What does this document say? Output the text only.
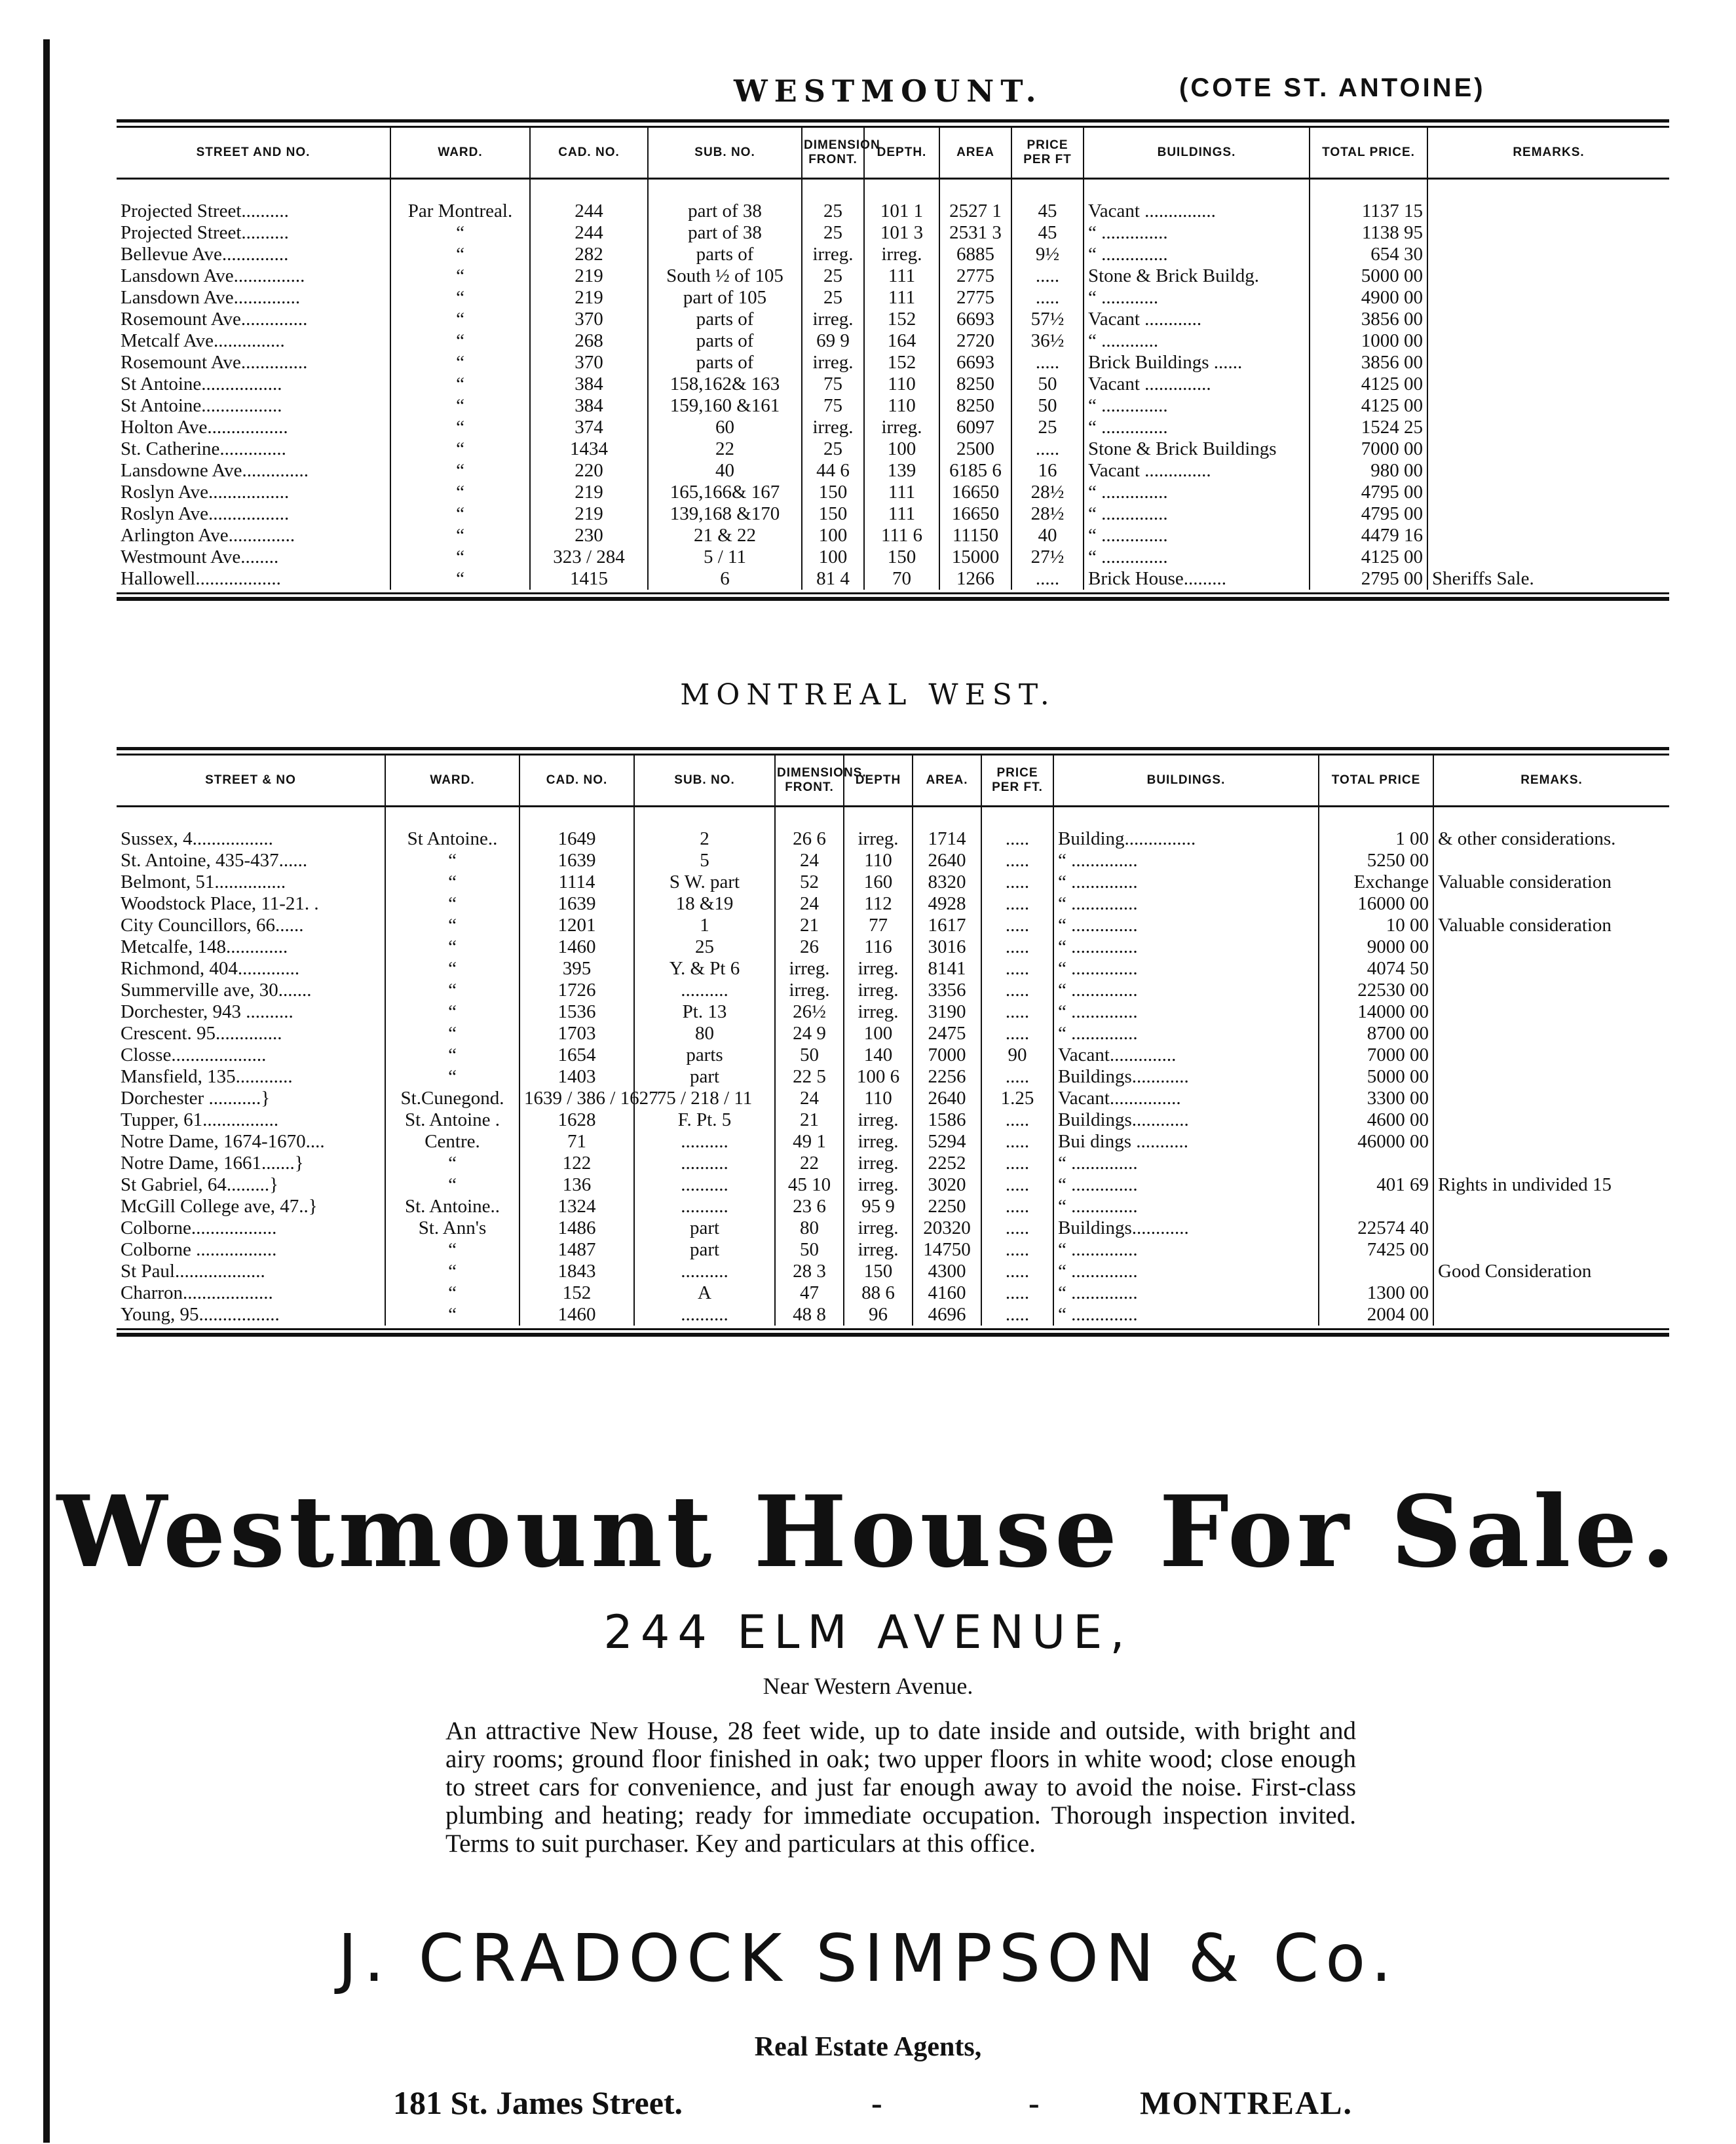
WESTMOUNT.	(COTE ST. ANTOINE)
STREET AND NO.	WARD.	CAD. NO.	SUB. NO.	DIMENSION FRONT.	DEPTH.	AREA	PRICE PER FT	BUILDINGS.	TOTAL PRICE.	REMARKS.

Projected Street..........	Par Montreal.	244	part of 38	25	101 1	2527 1	45	Vacant ...............	1137 15	
Projected Street..........	“	244	part of 38	25	101 3	2531 3	45	“ ..............	1138 95	
Bellevue Ave..............	“	282	parts of	irreg.	irreg.	6885	9½	“ ..............	654 30	
Lansdown Ave...............	“	219	South ½ of 105	25	111	2775	.....	Stone & Brick Buildg.	5000 00	
Lansdown Ave..............	“	219	part of 105	25	111	2775	.....	“ ............	4900 00	
Rosemount Ave..............	“	370	parts of	irreg.	152	6693	57½	Vacant ............	3856 00	
Metcalf Ave...............	“	268	parts of	69 9	164	2720	36½	“ ............	1000 00	
Rosemount Ave..............	“	370	parts of	irreg.	152	6693	.....	Brick Buildings ......	3856 00	
St Antoine.................	“	384	158,162& 163	75	110	8250	50	Vacant ..............	4125 00	
St Antoine.................	“	384	159,160 &161	75	110	8250	50	“ ..............	4125 00	
Holton Ave.................	“	374	60	irreg.	irreg.	6097	25	“ ..............	1524 25	
St. Catherine..............	“	1434	22	25	100	2500	.....	Stone & Brick Buildings	7000 00	
Lansdowne Ave..............	“	220	40	44 6	139	6185 6	16	Vacant ..............	980 00	
Roslyn Ave.................	“	219	165,166& 167	150	111	16650	28½	“ ..............	4795 00	
Roslyn Ave.................	“	219	139,168 &170	150	111	16650	28½	“ ..............	4795 00	
Arlington Ave..............	“	230	21 & 22	100	111 6	11150	40	“ ..............	4479 16	
Westmount Ave........	“	323 / 284	5 / 11	100	150	15000	27½	“ ..............	4125 00	
Hallowell..................	“	1415	6	81 4	70	1266	.....	Brick House.........	2795 00	Sheriffs Sale.
MONTREAL WEST.
STREET & NO	WARD.	CAD. NO.	SUB. NO.	DIMENSIONS. FRONT.	DEPTH	AREA.	PRICE PER FT.	BUILDINGS.	TOTAL PRICE	REMAKS.

Sussex, 4.................	St Antoine..	1649	2	26 6	irreg.	1714	.....	Building...............	1 00	& other considerations.
St. Antoine, 435-437......	“	1639	5	24	110	2640	.....	“ ..............	5250 00	
Belmont, 51...............	“	1114	S W. part	52	160	8320	.....	“ ..............	Exchange	Valuable consideration
Woodstock Place, 11-21. .	“	1639	18 &19	24	112	4928	.....	“ ..............	16000 00	
City Councillors, 66......	“	1201	1	21	77	1617	.....	“ ..............	10 00	Valuable consideration
Metcalfe, 148.............	“	1460	25	26	116	3016	.....	“ ..............	9000 00	
Richmond, 404.............	“	395	Y. & Pt 6	irreg.	irreg.	8141	.....	“ ..............	4074 50	
Summerville ave, 30.......	“	1726	..........	irreg.	irreg.	3356	.....	“ ..............	22530 00	
Dorchester, 943 ..........	“	1536	Pt. 13	26½	irreg.	3190	.....	“ ..............	14000 00	
Crescent. 95..............	“	1703	80	24 9	100	2475	.....	“ ..............	8700 00	
Closse....................	“	1654	parts	50	140	7000	90	Vacant..............	7000 00	
Mansfield, 135............	“	1403	part	22 5	100 6	2256	.....	Buildings............	5000 00	
Dorchester ...........}	St.Cunegond.	1639 / 386 / 1627	75 / 218 / 11	24	110	2640	1.25	Vacant...............	3300 00	
Tupper, 61................	St. Antoine .	1628	F. Pt. 5	21	irreg.	1586	.....	Buildings............	4600 00	
Notre Dame, 1674-1670....	Centre.	71	..........	49 1	irreg.	5294	.....	Bui dings ...........	46000 00	
Notre Dame, 1661.......}	“	122	..........	22	irreg.	2252	.....	“ ..............		
St Gabriel, 64.........}	“	136	..........	45 10	irreg.	3020	.....	“ ..............	401 69	Rights in undivided 15
McGill College ave, 47..}	St. Antoine..	1324	..........	23 6	95 9	2250	.....	“ ..............		
Colborne..................	St. Ann's	1486	part	80	irreg.	20320	.....	Buildings............	22574 40	
Colborne .................	“	1487	part	50	irreg.	14750	.....	“ ..............	7425 00	
St Paul...................	“	1843	..........	28 3	150	4300	.....	“ ..............		Good Consideration
Charron...................	“	152	A	47	88 6	4160	.....	“ ..............	1300 00	
Young, 95.................	“	1460	..........	48 8	96	4696	.....	“ ..............	2004 00	
Westmount House For Sale.
244 ELM AVENUE,
Near Western Avenue.
An attractive New House, 28 feet wide, up to date inside and outside, with bright and airy rooms; ground floor finished in oak; two upper floors in white wood; close enough to street cars for convenience, and just far enough away to avoid the noise. First-class plumbing and heating; ready for immediate occupation. Thorough inspection invited. Terms to suit purchaser. Key and particulars at this office.
J. CRADOCK SIMPSON & Co.
Real Estate Agents,
181 St. James Street.	-	-	MONTREAL.
